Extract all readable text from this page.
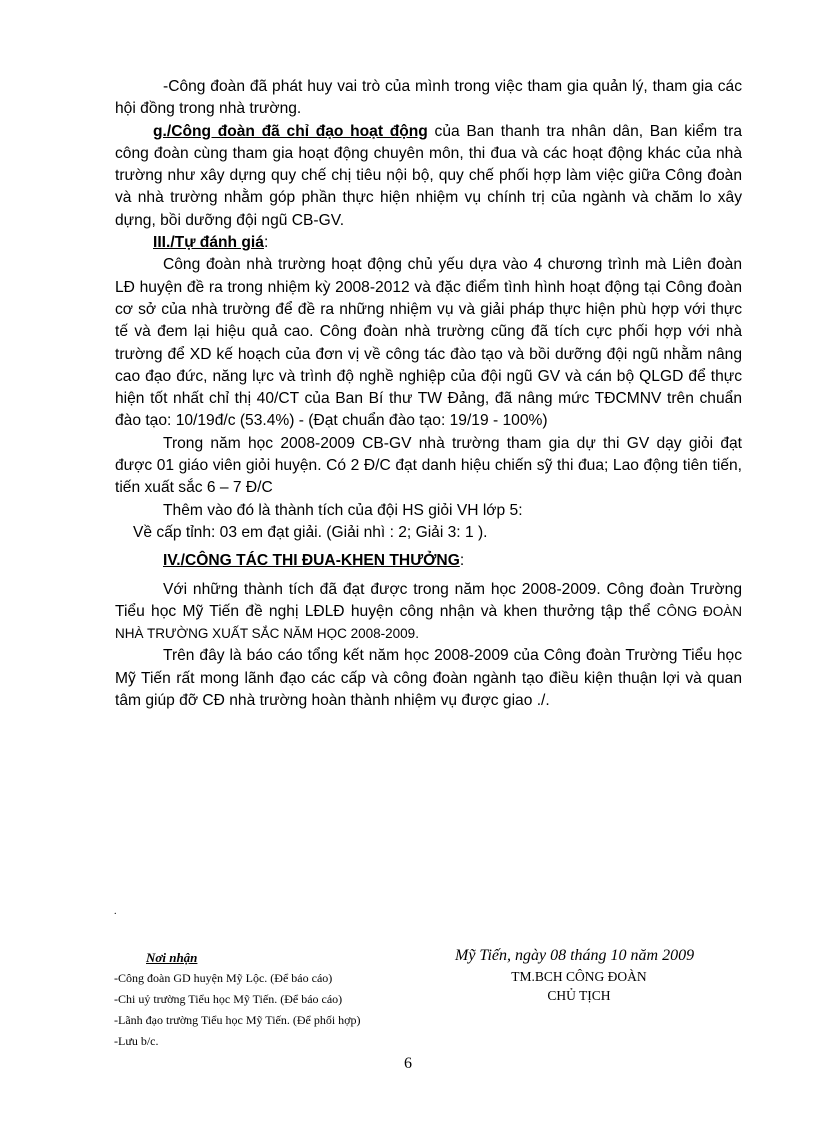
-Công đoàn đã phát huy vai trò của mình trong việc tham gia quản lý, tham gia các hội đồng trong nhà trường.

g./Công đoàn đã chỉ đạo hoạt động của Ban thanh tra nhân dân, Ban kiểm tra công đoàn cùng tham gia hoạt động chuyên môn, thi đua và các hoạt động khác của nhà trường như xây dựng quy chế chị tiêu nội bộ, quy chế phối hợp làm việc giữa Công đoàn và nhà trường nhằm góp phần thực hiện nhiệm vụ chính trị của ngành và chăm lo xây dựng, bồi dưỡng đội ngũ CB-GV.

III./Tự đánh giá:

Công đoàn nhà trường hoạt động chủ yếu dựa vào 4 chương trình mà Liên đoàn LĐ huyện đề ra trong nhiệm kỳ 2008-2012 và đặc điểm tình hình hoạt động tại Công đoàn cơ sở của nhà trường để đề ra những nhiệm vụ và giải pháp thực hiện phù hợp với thực tế và đem lại hiệu quả cao. Công đoàn nhà trường cũng đã tích cực phối hợp với nhà trường để XD kế hoạch của đơn vị về công tác đào tạo và bồi dưỡng đội ngũ nhằm nâng cao đạo đức, năng lực và trình độ nghề nghiệp của đội ngũ GV và cán bộ QLGD để thực hiện tốt nhất chỉ thị 40/CT của Ban Bí thư TW Đảng, đã nâng mức TĐCMNV trên chuẩn đào tạo: 10/19đ/c (53.4%) - (Đạt chuẩn đào tạo: 19/19 - 100%)

Trong năm học 2008-2009 CB-GV nhà trường tham gia dự thi GV dạy giỏi đạt được 01 giáo viên giỏi huyện. Có 2 Đ/C đạt danh hiệu chiến sỹ thi đua; Lao động tiên tiến, tiến xuất sắc 6 – 7 Đ/C

Thêm vào đó là thành tích của đội HS giỏi VH lớp 5:

Về cấp tỉnh: 03 em đạt giải. (Giải nhì : 2; Giải 3: 1 ).

IV./CÔNG TÁC THI ĐUA-KHEN THƯỞNG:

Với những thành tích đã đạt được trong năm học 2008-2009. Công đoàn Trường Tiểu học Mỹ Tiến đề nghị LĐLĐ huyện công nhận và khen thưởng tập thể CÔNG ĐOÀN NHÀ TRƯỜNG XUẤT SẮC NĂM HỌC 2008-2009.

Trên đây là báo cáo tổng kết năm học 2008-2009 của Công đoàn Trường Tiểu học Mỹ Tiến rất mong lãnh đạo các cấp và công đoàn ngành tạo điều kiện thuận lợi và quan tâm giúp đỡ CĐ nhà trường hoàn thành nhiệm vụ được giao ./.

.
Nơi nhận
-Công đoàn GD huyện Mỹ Lộc. (Để báo cáo)
-Chi uỷ trường Tiểu học Mỹ Tiến. (Để báo cáo)
-Lãnh đạo trường Tiểu học Mỹ Tiến. (Để phối hợp)
-Lưu b/c.
Mỹ Tiến, ngày 08 tháng 10 năm 2009
TM.BCH CÔNG ĐOÀN
CHỦ TỊCH
6
